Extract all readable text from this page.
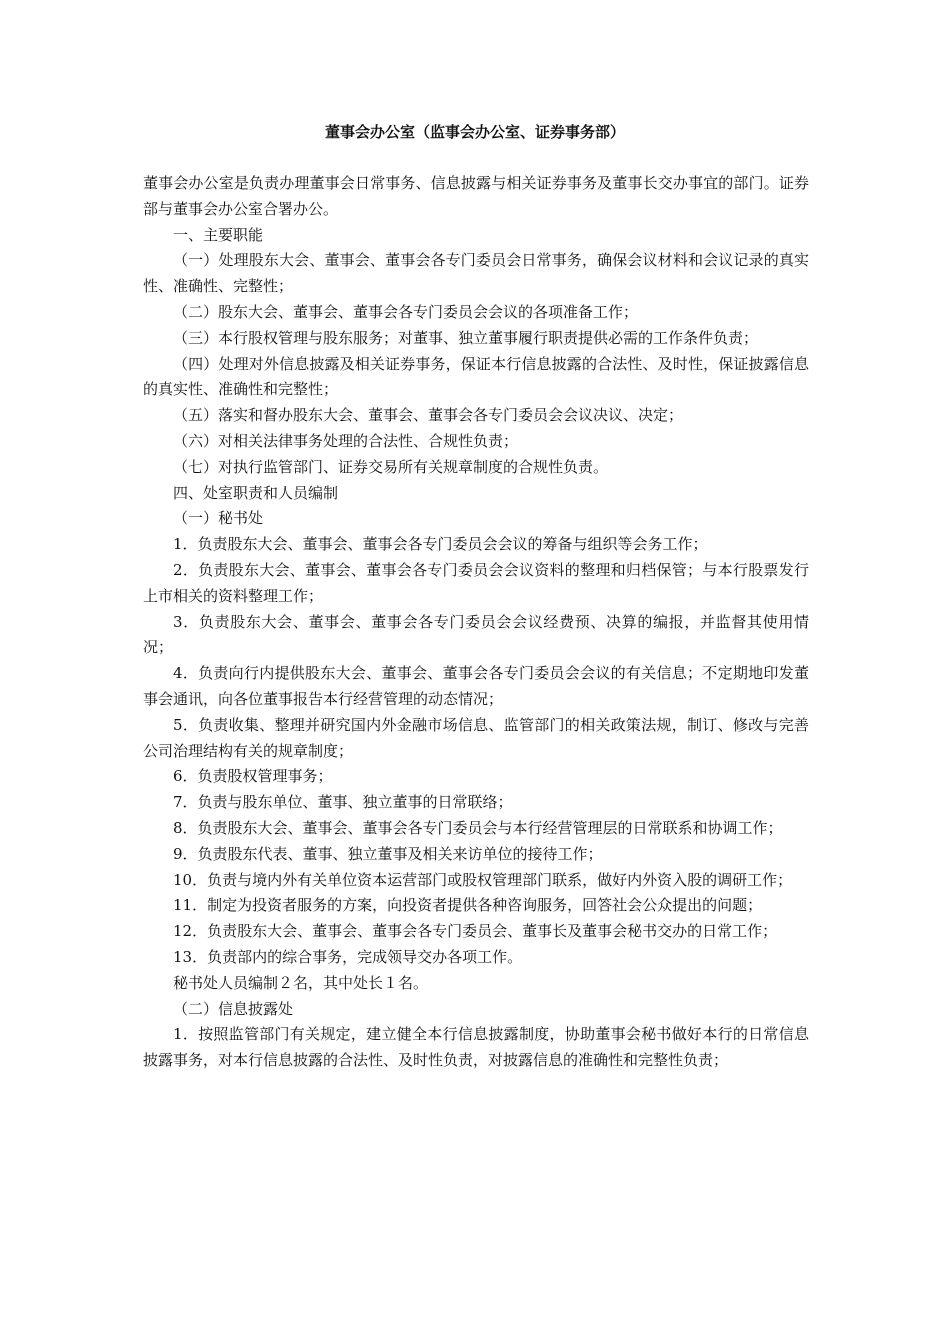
董事会办公室（监事会办公室、证券事务部）

董事会办公室是负责办理董事会日常事务、信息披露与相关证券事务及董事长交办事宜的部门。证券部与董事会办公室合署办公。

一、主要职能

（一）处理股东大会、董事会、董事会各专门委员会日常事务，确保会议材料和会议记录的真实性、准确性、完整性；

（二）股东大会、董事会、董事会各专门委员会会议的各项准备工作；

（三）本行股权管理与股东服务；对董事、独立董事履行职责提供必需的工作条件负责；

（四）处理对外信息披露及相关证券事务，保证本行信息披露的合法性、及时性，保证披露信息的真实性、准确性和完整性；

（五）落实和督办股东大会、董事会、董事会各专门委员会会议决议、决定；

（六）对相关法律事务处理的合法性、合规性负责；

（七）对执行监管部门、证券交易所有关规章制度的合规性负责。

四、处室职责和人员编制

（一）秘书处

1．负责股东大会、董事会、董事会各专门委员会会议的筹备与组织等会务工作；

2．负责股东大会、董事会、董事会各专门委员会会议资料的整理和归档保管；与本行股票发行上市相关的资料整理工作；

3．负责股东大会、董事会、董事会各专门委员会会议经费预、决算的编报，并监督其使用情况；

4．负责向行内提供股东大会、董事会、董事会各专门委员会会议的有关信息；不定期地印发董事会通讯，向各位董事报告本行经营管理的动态情况；

5．负责收集、整理并研究国内外金融市场信息、监管部门的相关政策法规，制订、修改与完善公司治理结构有关的规章制度；

6．负责股权管理事务；

7．负责与股东单位、董事、独立董事的日常联络；

8．负责股东大会、董事会、董事会各专门委员会与本行经营管理层的日常联系和协调工作；

9．负责股东代表、董事、独立董事及相关来访单位的接待工作；

10．负责与境内外有关单位资本运营部门或股权管理部门联系，做好内外资入股的调研工作；

11．制定为投资者服务的方案，向投资者提供各种咨询服务，回答社会公众提出的问题；

12．负责股东大会、董事会、董事会各专门委员会、董事长及董事会秘书交办的日常工作；

13．负责部内的综合事务，完成领导交办各项工作。

秘书处人员编制２名，其中处长１名。

（二）信息披露处

1．按照监管部门有关规定，建立健全本行信息披露制度，协助董事会秘书做好本行的日常信息披露事务，对本行信息披露的合法性、及时性负责，对披露信息的准确性和完整性负责；
